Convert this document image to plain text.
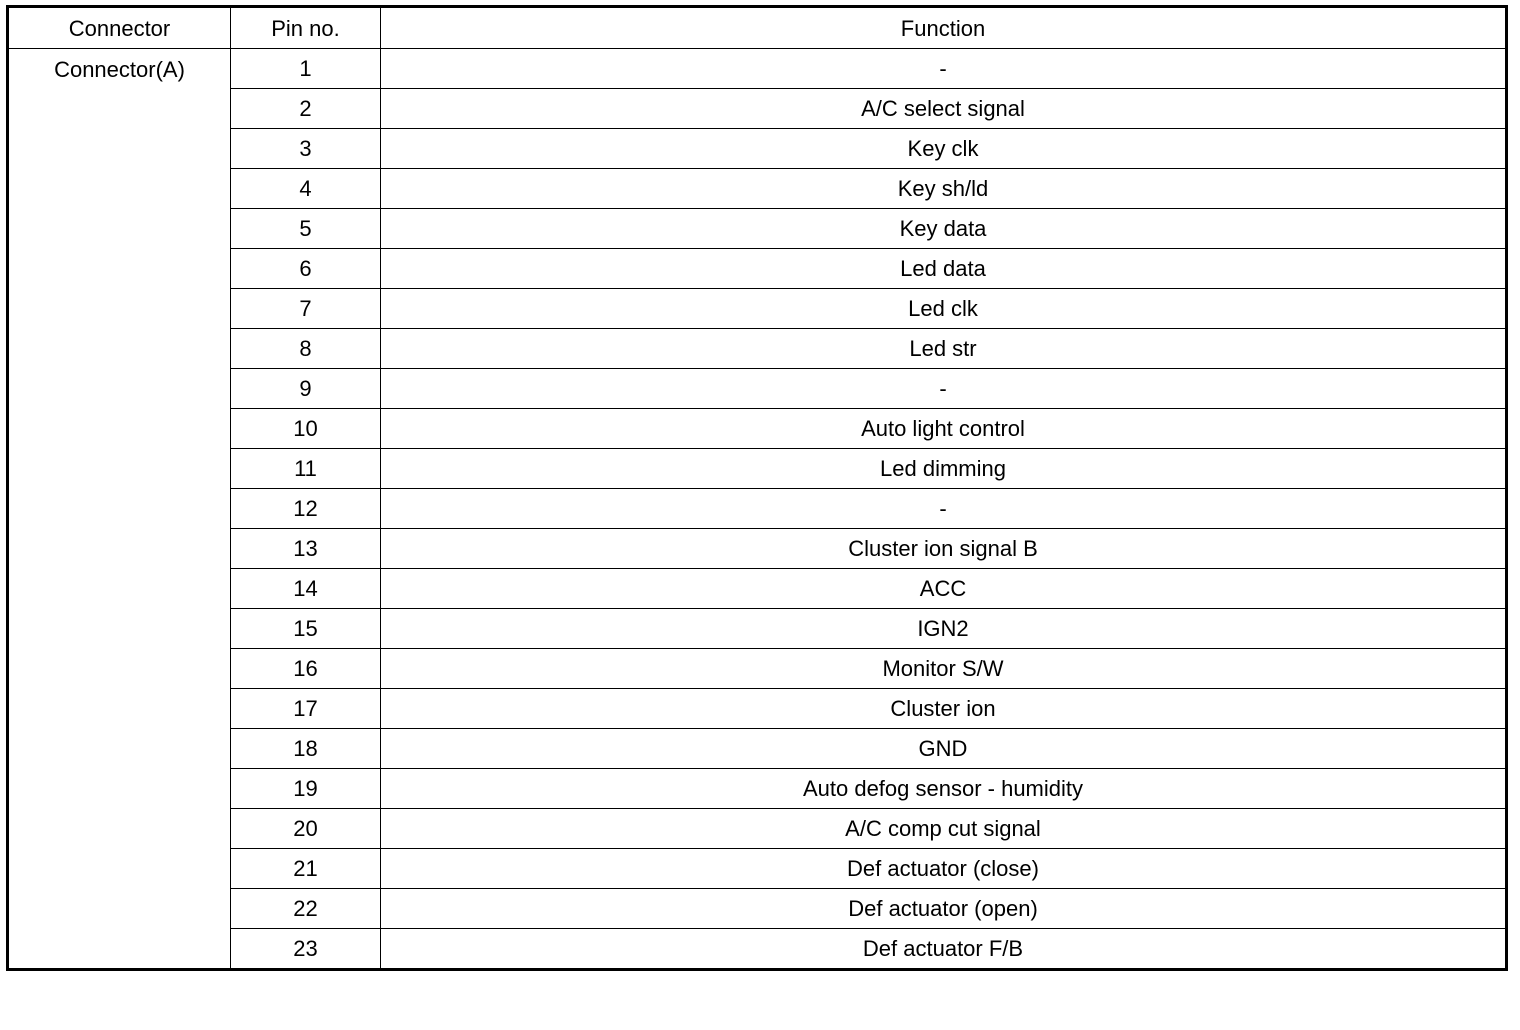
Connector	Pin no.	Function
Connector(A)	1	-
	2	A/C select signal
	3	Key clk
	4	Key sh/ld
	5	Key data
	6	Led data
	7	Led clk
	8	Led str
	9	-
	10	Auto light control
	11	Led dimming
	12	-
	13	Cluster ion signal B
	14	ACC
	15	IGN2
	16	Monitor S/W
	17	Cluster ion
	18	GND
	19	Auto defog sensor - humidity
	20	A/C comp cut signal
	21	Def actuator (close)
	22	Def actuator (open)
	23	Def actuator F/B
